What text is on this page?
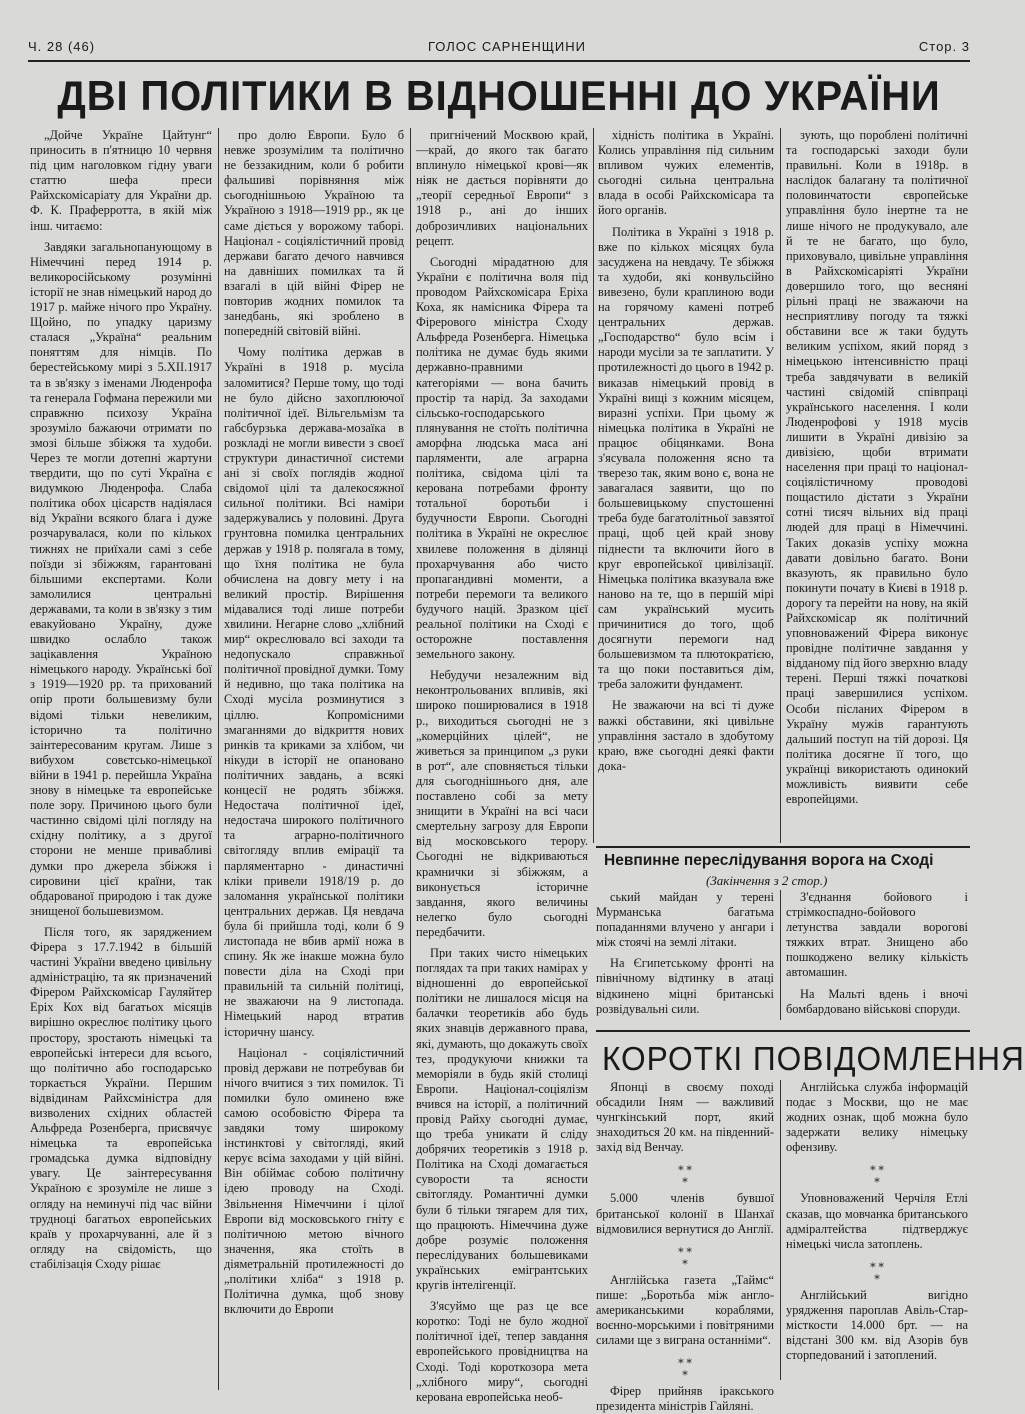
Ч. 28 (46)	ГОЛОС САРНЕНЩИНИ	Стор. 3
ДВІ ПОЛІТИКИ В ВІДНОШЕННІ ДО УКРАЇНИ

„Дойче Україне Цайтунг“ приносить в п'ятницю 10 червня під цим наголовком гідну уваги статтю шефа преси Райхскомісаріату для України др. Ф. К. Праферротта, в якій між інш. читаємо:

Завдяки загальнопанующому в Німеччині перед 1914 р. великоросійському розумінні історії не знав німецький народ до 1917 р. майже нічого про Україну. Щойно, по упадку царизму сталася „Україна“ реальним поняттям для німців. По берестейському мирі з 5.ХІІ.1917 та в зв'язку з іменами Люденрофа та генерала Гофмана пережили ми справжню психозу Україна зрозуміло бажаючи отримати по змозі більше збіжжя та худоби. Через те могли дотепні жартуни твердити, що по суті Україна є видумкою Люденрофа. Слаба політика обох цісарств надіялася від України всякого блага і дуже розчарувалася, коли по кількох тижнях не приїхали самі з себе поїзди зі збіжжям, гарантовані більшими експертами. Коли замолилися центральні державами, та коли в зв'язку з тим евакуйовано Україну, дуже швидко ослабло також зацікавлення Україною німецького народу. Українські бої з 1919—1920 рр. та прихований опір проти большевизму були відомі тільки невеликим, історично та політично заінтересованим кругам. Лише з вибухом совєтсько-німецької війни в 1941 р. перейшла Україна знову в німецьке та европейське поле зору. Причиною цього були частинно свідомі цілі погляду на східну політику, а з другої сторони не менше привабливі думки про джерела збіжжя і сировини цієї країни, так обдарованої природою і так дуже знищеної большевизмом.

Після того, як заряджением Фірера з 17.7.1942 в більшій частині України введено цивільну адміністрацію, та як призначений Фірером Райхскомісар Гауляйтер Еріх Кох від багатьох місяців вирішно окреслює політику цього простору, зростають німецькі та европейські інтереси для всього, що політично або господарсько торкається України. Першим відвідинам Райхсміністра для визволених східних областей Альфреда Розенберга, присвячує німецька та европейська громадська думка відповідну увагу. Це заінтересування Україною є зрозуміле не лише з огляду на неминучі під час війни трудноці багатьох европейських країв у прохарчуванні, але й з огляду на свідомість, що стабілізація Сходу рішає

про долю Европи. Було б невже зрозумілим та політично не беззакидним, коли б робити фальшиві порівняння між сьогоднішньою Україною та Україною з 1918—1919 рр., як це саме діється у ворожому таборі. Націонал - соціялістичний провід держави багато дечого навчився на давніших помилках та й взагалі в цій війні Фірер не повторив жодних помилок та занедбань, які зроблено в попередній світовій війні.

Чому політика держав в Україні в 1918 р. мусіла заломитися? Перше тому, що тоді не було дійсно захоплюючої політичної ідеї. Вільгельмізм та габсбурзька держава-мозаїка в розкладі не могли вивести з своєї структури династичної системи ані зі своїх поглядів жодної свідомої цілі та далекосяжної сильної політики. Всі наміри задержувались у половині. Друга грунтовна помилка центральних держав у 1918 р. полягала в тому, що їхня політика не була обчислена на довгу мету і на великий простір. Вирішення мідавалися тоді лише потреби хвилини. Негарне слово „хлібний мир“ окреслювало всі заходи та недопускало справжньої політичної провідної думки. Тому й недивно, що така політика на Сході мусіла розминутися з ціллю. Копромісними змаганнями до відкриття нових ринків та криками за хлібом, чи нікуди в історії не опановано політичних завдань, а всякі концесії не родять збіжжя. Недостача політичної ідеї, недостача широкого політичного та аграрно-політичного світогляду вплив емірації та парляментарно - династичні кліки привели 1918/19 р. до заломання української політики центральних держав. Ця невдача була бі прийшла тоді, коли б 9 листопада не вбив армії ножа в спину. Як же інакше можна було повести діла на Сході при правильній та сильній політиці, не зважаючи на 9 листопада. Німецький народ втратив історичну шансу.

Націонал - соціялістичний провід держави не потребував би нічого вчитися з тих помилок. Ті помилки було оминено вже самою особовістю Фірера та завдяки тому широкому інстинктові у світогляді, який керує всіма заходами у цій війні. Він обіймає собою політичну ідею проводу на Сході. Звільнення Німеччини і цілої Европи від московського гніту є політичною метою вічного значення, яка стоїть в діяметральній протилежності до „політики хліба“ з 1918 р. Політична думка, щоб знову включити до Европи

пригнічений Москвою край, —край, до якого так багато вплинуло німецької крові—як ніяк не дається порівняти до „теорії середньої Европи“ з 1918 р., ані до інших доброзичливих національних рецепт.

Сьогодні мірадатною для України є політична воля під проводом Райхскомісара Еріха Коха, як намісника Фірера та Фірерового міністра Сходу Альфреда Розенберга. Німецька політика не думає будь якими державно-правними категоріями — вона бачить простір та нарід. За заходами сільсько-господарського плянування не стоїть політична аморфна людська маса ані парляменти, але аграрна політика, свідома цілі та керована потребами фронту тотальної боротьби і будучности Европи. Сьогодні політика в Україні не окреслює хвилеве положення в ділянці прохарчування або чисто пропагандивні моменти, а потреби перемоги та великого будучого націй. Зразком цієї реальної політики на Сході є осторожне поставлення земельного закону.

Небудучи незалежним від неконтрольованих впливів, які широко поширювалися в 1918 р., виходиться сьогодні не з „комерційних цілей“, не живеться за принципом „з руки в рот“, але сповняється тільки для сьогоднішнього дня, але поставлено собі за мету знищити в Україні на всі часи смертельну загрозу для Европи від московського терору. Сьогодні не відкриваються крамнички зі збіжжям, а виконується історичне завдання, якого величины нелегко було сьогодні передбачити.

При таких чисто німецьких поглядах та при таких намірах у відношенні до европейської політики не лишалося місця на балачки теоретиків або будь яких знавців державного права, які, думають, що докажуть своїх тез, продукуючи книжки та меморіяли в будь якій столиці Европи. Націонал-соціялізм вчився на історії, а політичний провід Райху сьогодні думає, що треба уникати й сліду добрячих теоретиків з 1918 р. Політика на Сході домагається суворости та ясности світогляду. Романтичні думки були б тільки тягарем для тих, що працюють. Німеччина дуже добре розуміє положення переслідуваних большевиками українських емігрантських кругів інтелігенції.

З'ясуймо ще раз це все коротко: Тоді не було жодної політичної ідеї, тепер завдання европейського провідництва на Сході. Тоді короткозора мета „хлібного миру“, сьогодні керована европейська необ-

хідність політика в Україні. Колись управління під сильним впливом чужих елементів, сьогодні сильна центральна влада в особі Райхскомісара та його органів.

Політика в Україні з 1918 р. вже по кількох місяцях була засуджена на невдачу. Те збіжжя та худоби, які конвульсійно вивезено, були краплиною води на горячому камені потреб центральних держав. „Господарство“ було всім і народи мусіли за те заплатити. У протилежності до цього в 1942 р. виказав німецький провід в Україні вищі з кожним місяцем, виразні успіхи. При цьому ж німецька політика в Україні не працює обіцянками. Вона з'ясувала положення ясно та тверезо так, яким воно є, вона не завагалася заявити, що по большевицькому спустошенні треба буде багатолітньої завзятої праці, щоб цей край знову піднести та включити його в круг европейської цивілізації. Німецька політика вказувала вже наново на те, що в першій мірі сам український мусить причинитися до того, щоб досягнути перемоги над большевизмом та плютократією, та що поки поставиться дім, треба заложити фундамент.

Не зважаючи на всі ті дуже важкі обставини, які цивільне управління застало в здобутому краю, вже сьогодні деякі факти дока-

зують, що пороблені політичні та господарські заходи були правильні. Коли в 1918р. в наслідок балагану та політичної половинчатости європейське управління було інертне та не лише нічого не продукувало, але й те не багато, що було, приховувало, цивільне управління в Райхскомісаріяті України довершило того, що весняні рільні праці не зважаючи на несприятливу погоду та тяжкі обставини все ж таки будуть великим успіхом, який поряд з німецькою інтенсивністю праці треба завдячувати в великій частині свідомій співпраці українського населення. І коли Люденрофові у 1918 мусів лишити в Україні дивізію за дивізією, щоби втримати населення при праці то націонал-соціялістичному проводові пощастило дістати з України сотні тисяч вільних від праці людей для праці в Німеччині. Таких доказів успіху можна давати довільно багато. Вони вказують, як правильно було покинути почату в Києві в 1918 р. дорогу та перейти на нову, на якій Райхскомісар як політичний уповноважений Фірера виконує провідне політичне завдання у відданому під його зверхню владу терені. Перші тяжкі початкові праці завершилися успіхом. Особи післаних Фірером в Україну мужів гарантують дальший поступ на тій дорозі. Ця політика досягне її того, що українці використають одинокий можливість виявити себе европейцями.

Невпинне переслідування ворога на Сході
(Закінчення з 2 стор.)

ський майдан у терені Мурманська багатьма попаданнями влучено у ангари і між стоячі на землі літаки.

На Єгипетському фронті на північному відтинку в атаці відкинено міцні британські розвідувальні сили.

З'єднання бойового і стрімкоспадно-бойового летунства завдали ворогові тяжких втрат. Знищено або пошкоджено велику кількість автомашин.

На Мальті вдень і вночі бомбардовано військові споруди.

КОРОТКІ ПОВІДОМЛЕННЯ

Японці в своєму поході обсадили Іням — важливий чунгкінський порт, який знаходиться 20 км. на південний-захід від Венчау.

⁎ ⁎
⁎

5.000 членів бувшої британської колонії в Шанхаї відмовилися вернутися до Англії.

⁎ ⁎
⁎

Англійська газета „Таймс“ пише: „Боротьба між англо-американськими кораблями, воєнно-морськими і повітряними силами ще з виграна останніми“.

⁎ ⁎
⁎

Фірер прийняв іракського президента міністрів Гайляні.

Англійська служба інформацій подає з Москви, що не має жодних ознак, щоб можна було задержати велику німецьку офензиву.

⁎ ⁎
⁎

Уповноважений Черчіля Етлі сказав, що мовчанка британського адміралтейства підтверджує німецькі числа затоплень.

⁎ ⁎
⁎

Англійський вигідно урядження пароплав Авіль-Стар-місткости 14.000 брт. — на відстані 300 км. від Азорів був сторпедований і затоплений.
